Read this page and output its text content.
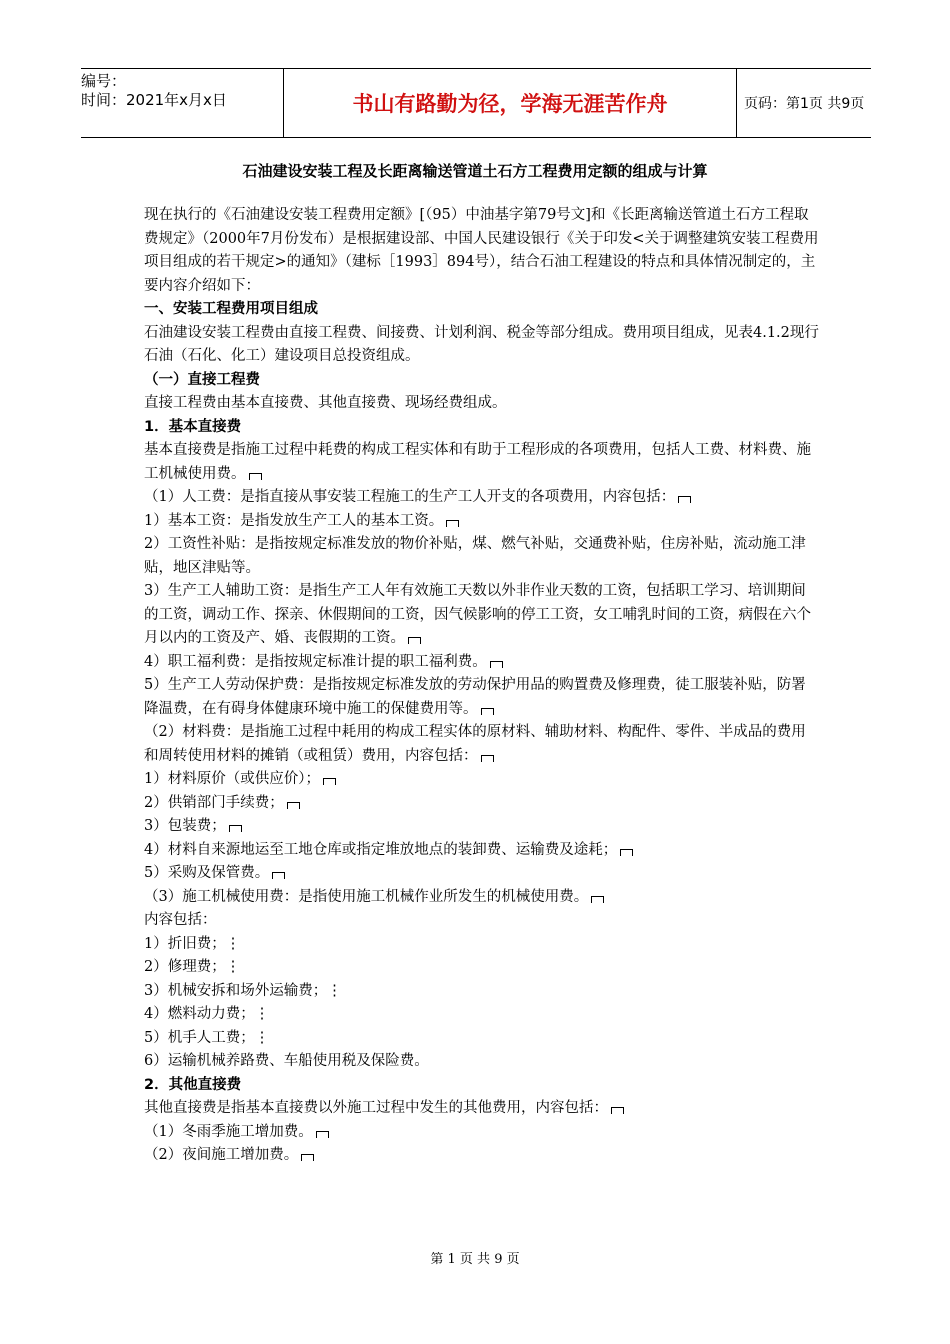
编号：
时间：2021年x月x日	书山有路勤为径，学海无涯苦作舟	页码：第1页 共9页
石油建设安装工程及长距离输送管道土石方工程费用定额的组成与计算

现在执行的《石油建设安装工程费用定额》[（95）中油基字第79号文]和《长距离输送管道土石方工程取费规定》（2000年7月份发布）是根据建设部、中国人民建设银行《关于印发<关于调整建筑安装工程费用项目组成的若干规定>的通知》（建标［1993］894号），结合石油工程建设的特点和具体情况制定的，主要内容介绍如下：

一、安装工程费用项目组成

石油建设安装工程费由直接工程费、间接费、计划利润、税金等部分组成。费用项目组成，见表4.1.2现行石油（石化、化工）建设项目总投资组成。

（一）直接工程费

直接工程费由基本直接费、其他直接费、现场经费组成。

1．基本直接费

基本直接费是指施工过程中耗费的构成工程实体和有助于工程形成的各项费用，包括人工费、材料费、施工机械使用费。

（1）人工费：是指直接从事安装工程施工的生产工人开支的各项费用，内容包括：

1）基本工资：是指发放生产工人的基本工资。

2）工资性补贴：是指按规定标准发放的物价补贴，煤、燃气补贴，交通费补贴，住房补贴，流动施工津贴，地区津贴等。

3）生产工人辅助工资：是指生产工人年有效施工天数以外非作业天数的工资，包括职工学习、培训期间的工资，调动工作、探亲、休假期间的工资，因气候影响的停工工资，女工哺乳时间的工资，病假在六个月以内的工资及产、婚、丧假期的工资。

4）职工福利费：是指按规定标准计提的职工福利费。

5）生产工人劳动保护费：是指按规定标准发放的劳动保护用品的购置费及修理费，徒工服装补贴，防署降温费，在有碍身体健康环境中施工的保健费用等。

（2）材料费：是指施工过程中耗用的构成工程实体的原材料、辅助材料、构配件、零件、半成品的费用和周转使用材料的摊销（或租赁）费用，内容包括：

1）材料原价（或供应价）；

2）供销部门手续费；

3）包装费；

4）材料自来源地运至工地仓库或指定堆放地点的装卸费、运输费及途耗；

5）采购及保管费。

（3）施工机械使用费：是指使用施工机械作业所发生的机械使用费。

内容包括：

1）折旧费；⋮

2）修理费；⋮

3）机械安拆和场外运输费；⋮

4）燃料动力费；⋮

5）机手人工费；⋮

6）运输机械养路费、车船使用税及保险费。

2．其他直接费

其他直接费是指基本直接费以外施工过程中发生的其他费用，内容包括：

（1）冬雨季施工增加费。

（2）夜间施工增加费。

第 1 页 共 9 页
